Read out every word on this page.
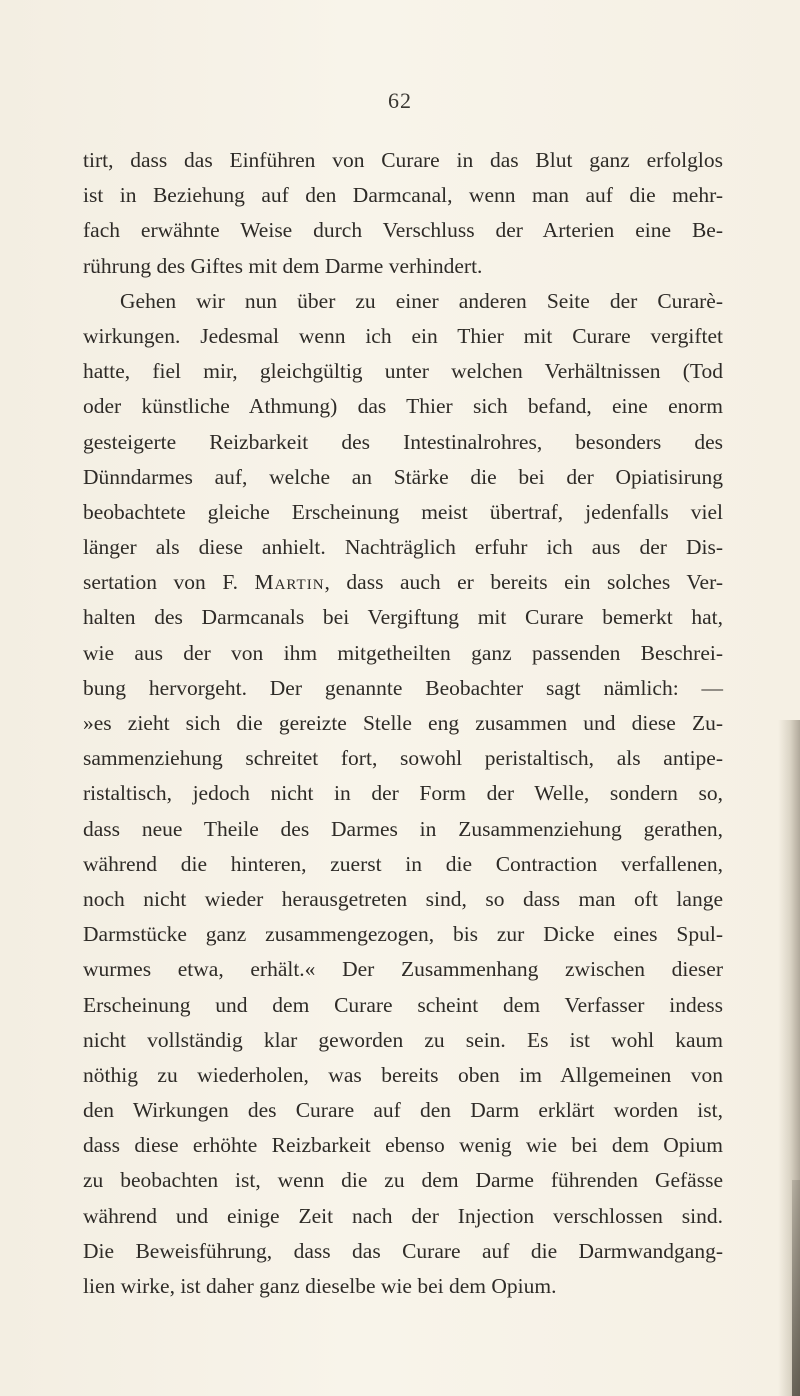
62
tirt, dass das Einführen von Curare in das Blut ganz erfolglos
ist in Beziehung auf den Darmcanal, wenn man auf die mehr-
fach erwähnte Weise durch Verschluss der Arterien eine Be-
rührung des Giftes mit dem Darme verhindert.
Gehen wir nun über zu einer anderen Seite der Curarè-
wirkungen. Jedesmal wenn ich ein Thier mit Curare vergiftet
hatte, fiel mir, gleichgültig unter welchen Verhältnissen (Tod
oder künstliche Athmung) das Thier sich befand, eine enorm
gesteigerte Reizbarkeit des Intestinalrohres, besonders des
Dünndarmes auf, welche an Stärke die bei der Opiatisirung
beobachtete gleiche Erscheinung meist übertraf, jedenfalls viel
länger als diese anhielt. Nachträglich erfuhr ich aus der Dis-
sertation von F. Martin, dass auch er bereits ein solches Ver-
halten des Darmcanals bei Vergiftung mit Curare bemerkt hat,
wie aus der von ihm mitgetheilten ganz passenden Beschrei-
bung hervorgeht. Der genannte Beobachter sagt nämlich: —
»es zieht sich die gereizte Stelle eng zusammen und diese Zu-
sammenziehung schreitet fort, sowohl peristaltisch, als antipe-
ristaltisch, jedoch nicht in der Form der Welle, sondern so,
dass neue Theile des Darmes in Zusammenziehung gerathen,
während die hinteren, zuerst in die Contraction verfallenen,
noch nicht wieder herausgetreten sind, so dass man oft lange
Darmstücke ganz zusammengezogen, bis zur Dicke eines Spul-
wurmes etwa, erhält.« Der Zusammenhang zwischen dieser
Erscheinung und dem Curare scheint dem Verfasser indess
nicht vollständig klar geworden zu sein. Es ist wohl kaum
nöthig zu wiederholen, was bereits oben im Allgemeinen von
den Wirkungen des Curare auf den Darm erklärt worden ist,
dass diese erhöhte Reizbarkeit ebenso wenig wie bei dem Opium
zu beobachten ist, wenn die zu dem Darme führenden Gefässe
während und einige Zeit nach der Injection verschlossen sind.
Die Beweisführung, dass das Curare auf die Darmwandgang-
lien wirke, ist daher ganz dieselbe wie bei dem Opium.
